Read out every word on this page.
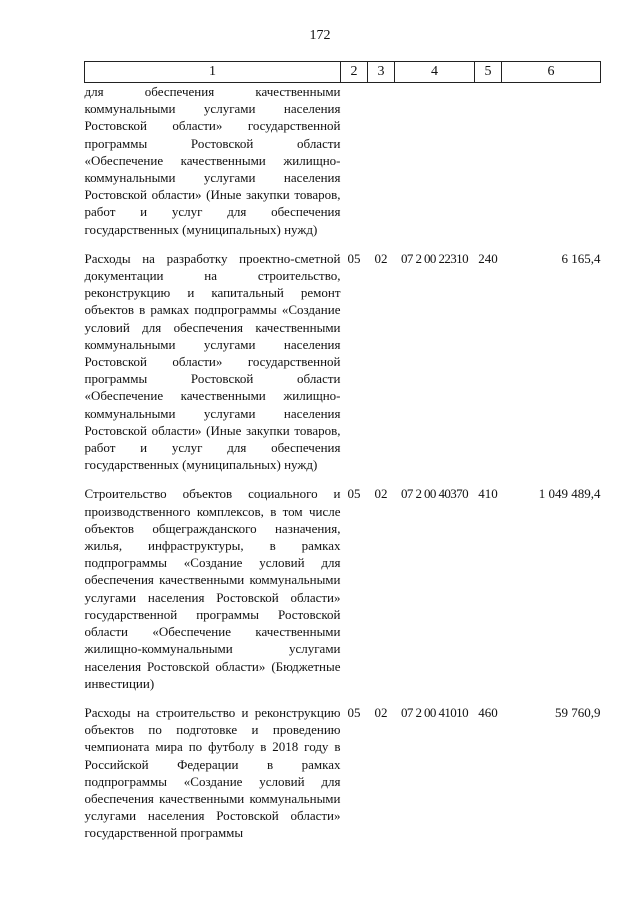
172
1	2	3	4	5	6
для обеспечения качественными коммунальными услугами населения Ростовской области» государственной программы Ростовской области «Обеспечение качественными жилищно-коммунальными услугами населения Ростовской области» (Иные закупки товаров, работ и услуг для обеспечения государственных (муниципальных) нужд)					

Расходы на разработку проектно-сметной документации на строительство, реконструкцию и капитальный ремонт объектов в рамках подпрограммы «Создание условий для обеспечения качественными коммунальными услугами населения Ростовской области» государственной программы Ростовской области «Обеспечение качественными жилищно-коммунальными услугами населения Ростовской области» (Иные закупки товаров, работ и услуг для обеспечения государственных (муниципальных) нужд)	05	02	07 2 00 22310	240	6 165,4

Строительство объектов социального и производственного комплексов, в том числе объектов общегражданского назначения, жилья, инфраструктуры, в рамках подпрограммы «Создание условий для обеспечения качественными коммунальными услугами населения Ростовской области» государственной программы Ростовской области «Обеспечение качественными жилищно-коммунальными услугами населения Ростовской области» (Бюджетные инвестиции)	05	02	07 2 00 40370	410	1 049 489,4

Расходы на строительство и реконструкцию объектов по подготовке и проведению чемпионата мира по футболу в 2018 году в Российской Федерации в рамках подпрограммы «Создание условий для обеспечения качественными коммунальными услугами населения Ростовской области» государственной программы	05	02	07 2 00 41010	460	59 760,9
